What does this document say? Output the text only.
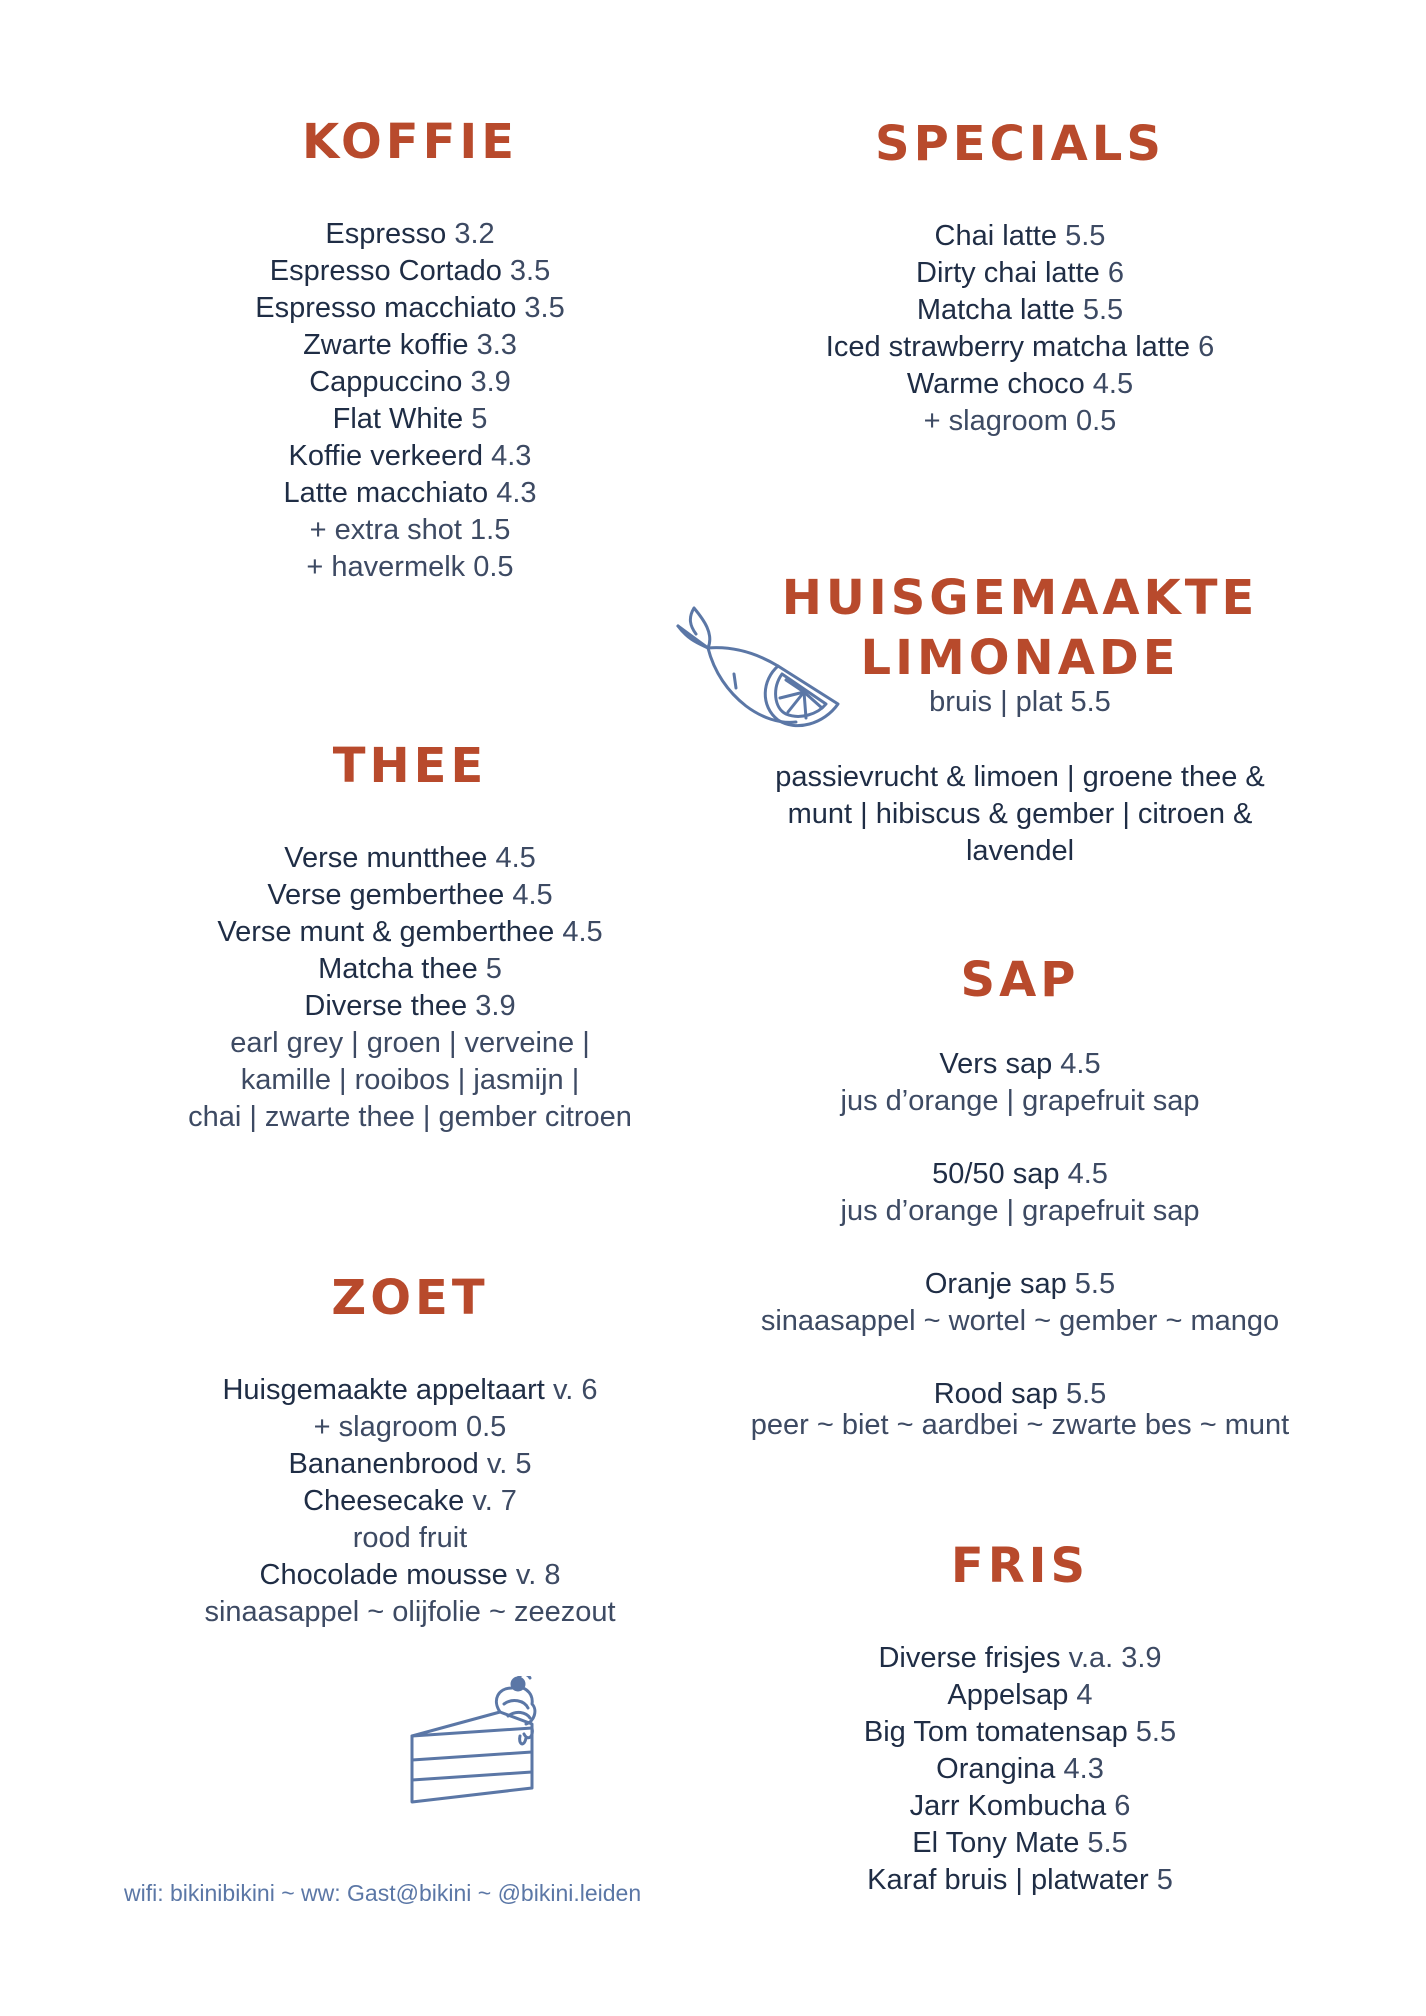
KOFFIE
Espresso 3.2
Espresso Cortado 3.5
Espresso macchiato 3.5
Zwarte koffie 3.3
Cappuccino 3.9
Flat White 5
Koffie verkeerd 4.3
Latte macchiato 4.3
+ extra shot 1.5
+ havermelk 0.5
THEE
Verse muntthee 4.5
Verse gemberthee 4.5
Verse munt & gemberthee 4.5
Matcha thee 5
Diverse thee 3.9
earl grey | groen | verveine |
kamille | rooibos | jasmijn |
chai | zwarte thee | gember citroen
ZOET
Huisgemaakte appeltaart v. 6
+ slagroom 0.5
Bananenbrood v. 5
Cheesecake v. 7
rood fruit
Chocolade mousse v. 8
sinaasappel ~ olijfolie ~ zeezout
SPECIALS
Chai latte 5.5
Dirty chai latte 6
Matcha latte 5.5
Iced strawberry matcha latte 6
Warme choco 4.5
+ slagroom 0.5
HUISGEMAAKTE
LIMONADE
bruis | plat 5.5
passievrucht & limoen | groene thee & munt | hibiscus & gember | citroen & lavendel
SAP
Vers sap 4.5
jus d’orange | grapefruit sap
50/50 sap 4.5
jus d’orange | grapefruit sap
Oranje sap 5.5
sinaasappel ~ wortel ~ gember ~ mango
Rood sap 5.5
peer ~ biet ~ aardbei ~ zwarte bes ~ munt
FRIS
Diverse frisjes v.a. 3.9
Appelsap 4
Big Tom tomatensap 5.5
Orangina 4.3
Jarr Kombucha 6
El Tony Mate 5.5
Karaf bruis | platwater 5
wifi: bikinibikini ~ ww: Gast@bikini ~ @bikini.leiden
